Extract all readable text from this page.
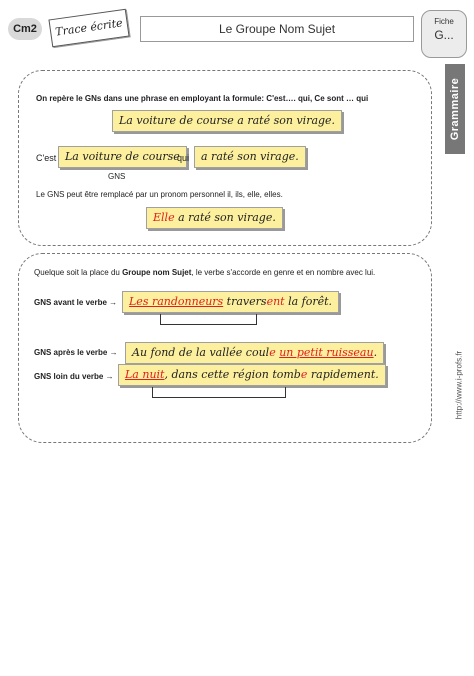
Cm2	Trace écrite	Le Groupe Nom Sujet
Fiche
G...
Grammaire
http://www.i-profs.fr
On repère le GNs dans une phrase en employant la formule: C'est…. qui, Ce sont … qui
La voiture de course a raté son virage.
C'est La voiture de course
qui	a raté son virage.
GNS
Le GNS peut être remplacé par un pronom personnel il, ils, elle, elles.
Elle a raté son virage.
Quelque soit la place du Groupe nom Sujet, le verbe s'accorde en genre et en nombre avec lui.
GNS avant le verbe →	Les randonneurs traversent la forêt.
GNS après le verbe →	Au fond de la vallée coule un petit ruisseau.
GNS loin du verbe →	La nuit, dans cette région tombe rapidement.
